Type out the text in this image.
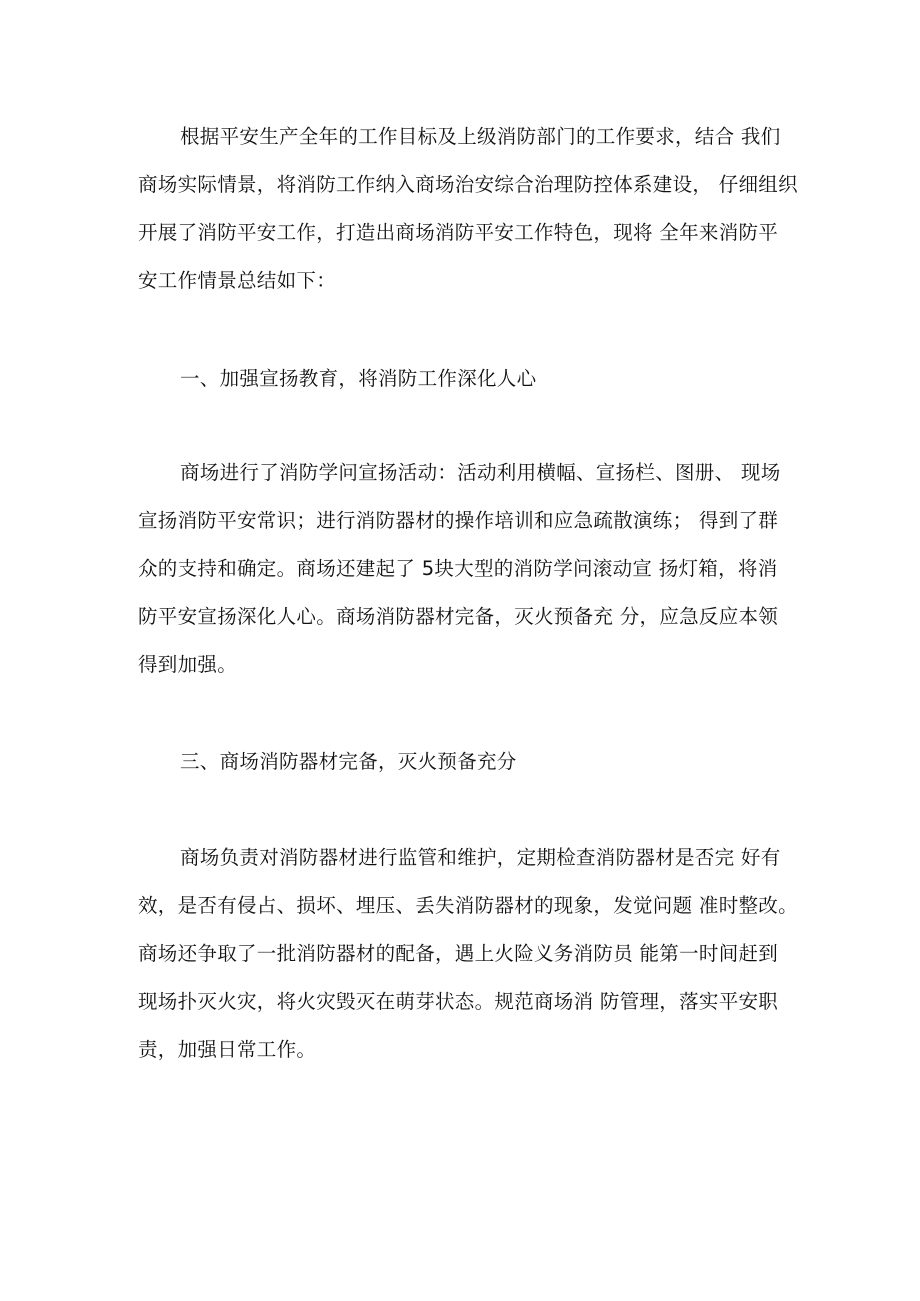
根据平安生产全年的工作目标及上级消防部门的工作要求，结合 我们
商场实际情景，将消防工作纳入商场治安综合治理防控体系建设， 仔细组织
开展了消防平安工作，打造出商场消防平安工作特色，现将 全年来消防平
安工作情景总结如下：
一、加强宣扬教育，将消防工作深化人心
商场进行了消防学问宣扬活动：活动利用横幅、宣扬栏、图册、 现场
宣扬消防平安常识；进行消防器材的操作培训和应急疏散演练； 得到了群
众的支持和确定。商场还建起了 5块大型的消防学问滚动宣 扬灯箱，将消
防平安宣扬深化人心。商场消防器材完备，灭火预备充 分，应急反应本领
得到加强。
三、商场消防器材完备，灭火预备充分
商场负责对消防器材进行监管和维护，定期检查消防器材是否完 好有
效，是否有侵占、损坏、埋压、丢失消防器材的现象，发觉问题 准时整改。
商场还争取了一批消防器材的配备，遇上火险义务消防员 能第一时间赶到
现场扑灭火灾，将火灾毁灭在萌芽状态。规范商场消 防管理，落实平安职
责，加强日常工作。
